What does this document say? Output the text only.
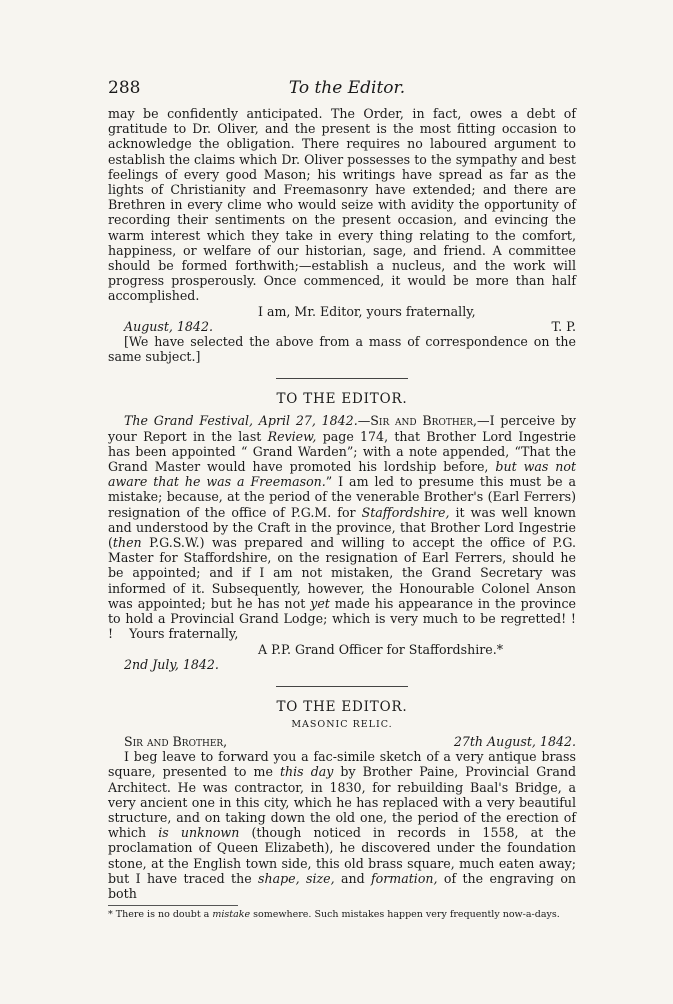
288	To the Editor.

may be confidently anticipated. The Order, in fact, owes a debt of gratitude to Dr. Oliver, and the present is the most fitting occasion to acknowledge the obligation. There requires no laboured argument to establish the claims which Dr. Oliver possesses to the sympathy and best feelings of every good Mason; his writings have spread as far as the lights of Christianity and Freemasonry have extended; and there are Brethren in every clime who would seize with avidity the opportunity of recording their sentiments on the present occasion, and evincing the warm interest which they take in every thing relating to the comfort, happiness, or welfare of our historian, sage, and friend. A committee should be formed forthwith;—establish a nucleus, and the work will progress prosperously. Once commenced, it would be more than half accomplished.

I am, Mr. Editor, yours fraternally,
August, 1842.	T. P.

[We have selected the above from a mass of correspondence on the same subject.]

TO THE EDITOR.

The Grand Festival, April 27, 1842.—Sir and Brother,—I perceive by your Report in the last Review, page 174, that Brother Lord Ingestrie has been appointed “ Grand Warden”; with a note appended, “That the Grand Master would have promoted his lordship before, but was not aware that he was a Freemason.” I am led to presume this must be a mistake; because, at the period of the venerable Brother's (Earl Ferrers) resignation of the office of P.G.M. for Staffordshire, it was well known and understood by the Craft in the province, that Brother Lord Ingestrie (then P.G.S.W.) was prepared and willing to accept the office of P.G. Master for Staffordshire, on the resignation of Earl Ferrers, should he be appointed; and if I am not mistaken, the Grand Secretary was informed of it. Subsequently, however, the Honourable Colonel Anson was appointed; but he has not yet made his appearance in the province to hold a Provincial Grand Lodge; which is very much to be regretted! ! ! Yours fraternally,

A P.P. Grand Officer for Staffordshire.*
2nd July, 1842.
TO THE EDITOR.
MASONIC RELIC.
Sir and Brother,	27th August, 1842.

I beg leave to forward you a fac-simile sketch of a very antique brass square, presented to me this day by Brother Paine, Provincial Grand Architect. He was contractor, in 1830, for rebuilding Baal's Bridge, a very ancient one in this city, which he has replaced with a very beautiful structure, and on taking down the old one, the period of the erection of which is unknown (though noticed in records in 1558, at the proclamation of Queen Elizabeth), he discovered under the foundation stone, at the English town side, this old brass square, much eaten away; but I have traced the shape, size, and formation, of the engraving on both

* There is no doubt a mistake somewhere. Such mistakes happen very frequently now-a-days.
